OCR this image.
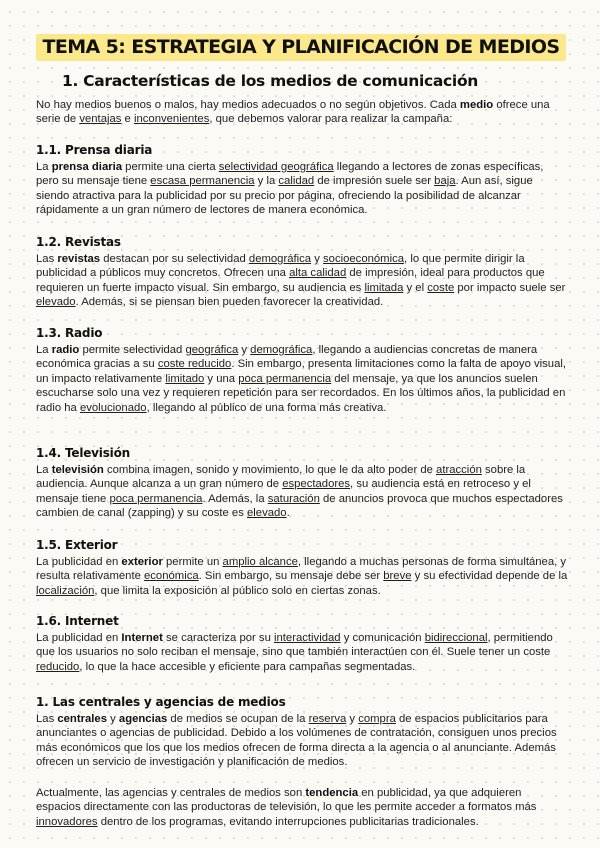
TEMA 5: ESTRATEGIA Y PLANIFICACIÓN DE MEDIOS
1. Características de los medios de comunicación

No hay medios buenos o malos, hay medios adecuados o no según objetivos. Cada medio ofrece una serie de ventajas e inconvenientes, que debemos valorar para realizar la campaña:

1.1. Prensa diaria

La prensa diaria permite una cierta selectividad geográfica llegando a lectores de zonas específicas, pero su mensaje tiene escasa permanencia y la calidad de impresión suele ser baja. Aun así, sigue siendo atractiva para la publicidad por su precio por página, ofreciendo la posibilidad de alcanzar rápidamente a un gran número de lectores de manera económica.

1.2. Revistas

Las revistas destacan por su selectividad demográfica y socioeconómica, lo que permite dirigir la publicidad a públicos muy concretos. Ofrecen una alta calidad de impresión, ideal para productos que requieren un fuerte impacto visual. Sin embargo, su audiencia es limitada y el coste por impacto suele ser elevado. Además, si se piensan bien pueden favorecer la creatividad.

1.3. Radio

La radio permite selectividad geográfica y demográfica, llegando a audiencias concretas de manera económica gracias a su coste reducido. Sin embargo, presenta limitaciones como la falta de apoyo visual, un impacto relativamente limitado y una poca permanencia del mensaje, ya que los anuncios suelen escucharse solo una vez y requieren repetición para ser recordados. En los últimos años, la publicidad en radio ha evolucionado, llegando al público de una forma más creativa.

1.4. Televisión

La televisión combina imagen, sonido y movimiento, lo que le da alto poder de atracción sobre la audiencia. Aunque alcanza a un gran número de espectadores, su audiencia está en retroceso y el mensaje tiene poca permanencia. Además, la saturación de anuncios provoca que muchos espectadores cambien de canal (zapping) y su coste es elevado.

1.5. Exterior

La publicidad en exterior permite un amplio alcance, llegando a muchas personas de forma simultánea, y resulta relativamente económica. Sin embargo, su mensaje debe ser breve y su efectividad depende de la localización, que limita la exposición al público solo en ciertas zonas.

1.6. Internet

La publicidad en Internet se caracteriza por su interactividad y comunicación bidireccional, permitiendo que los usuarios no solo reciban el mensaje, sino que también interactúen con él. Suele tener un coste reducido, lo que la hace accesible y eficiente para campañas segmentadas.

1. Las centrales y agencias de medios

Las centrales y agencias de medios se ocupan de la reserva y compra de espacios publicitarios para anunciantes o agencias de publicidad. Debido a los volúmenes de contratación, consiguen unos precios más económicos que los que los medios ofrecen de forma directa a la agencia o al anunciante. Además ofrecen un servicio de investigación y planificación de medios.

Actualmente, las agencias y centrales de medios son tendencia en publicidad, ya que adquieren espacios directamente con las productoras de televisión, lo que les permite acceder a formatos más innovadores dentro de los programas, evitando interrupciones publicitarias tradicionales.
